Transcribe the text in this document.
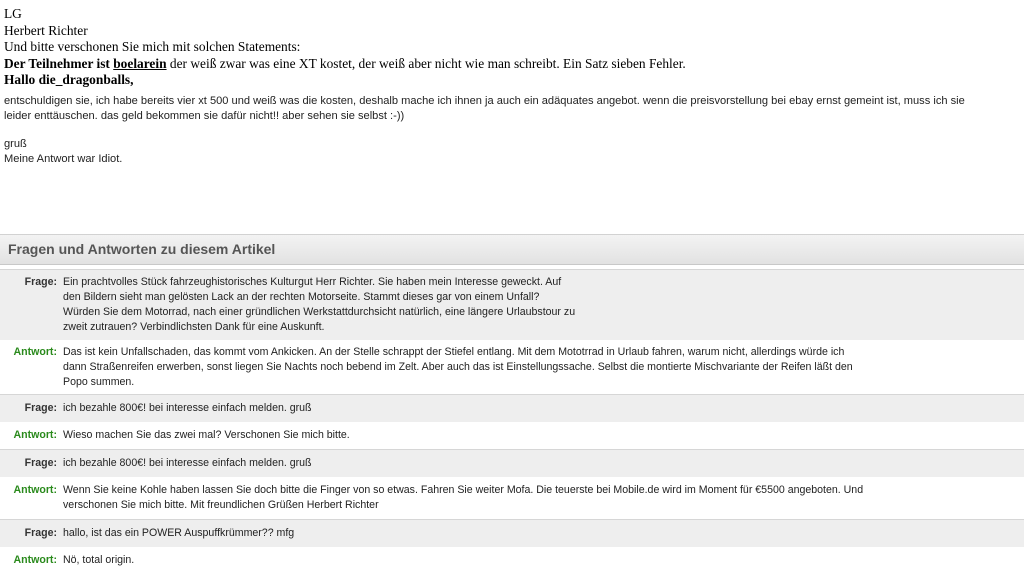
LG
Herbert Richter
Und bitte verschonen Sie mich mit solchen Statements:
Der Teilnehmer ist boelarein der weiß zwar was eine XT kostet, der weiß aber nicht wie man schreibt. Ein Satz sieben Fehler.
Hallo die_dragonballs,

entschuldigen sie, ich habe bereits vier xt 500 und weiß was die kosten, deshalb mache ich ihnen ja auch ein adäquates angebot. wenn die preisvorstellung bei ebay ernst gemeint ist, muss ich sie

leider enttäuschen. das geld bekommen sie dafür nicht!! aber sehen sie selbst :-))

gruß

Meine Antwort war Idiot.

Fragen und Antworten zu diesem Artikel
Frage: Ein prachtvolles Stück fahrzeughistorisches Kulturgut Herr Richter. Sie haben mein Interesse geweckt. Auf
den Bildern sieht man gelösten Lack an der rechten Motorseite. Stammt dieses gar von einem Unfall?
Würden Sie dem Motorrad, nach einer gründlichen Werkstattdurchsicht natürlich, eine längere Urlaubstour zu
zweit zutrauen? Verbindlichsten Dank für eine Auskunft.
Antwort: Das ist kein Unfallschaden, das kommt vom Ankicken. An der Stelle schrappt der Stiefel entlang. Mit dem Mototrrad in Urlaub fahren, warum nicht, allerdings würde ich
dann Straßenreifen erwerben, sonst liegen Sie Nachts noch bebend im Zelt. Aber auch das ist Einstellungssache. Selbst die montierte Mischvariante der Reifen läßt den
Popo summen.
Frage: ich bezahle 800€! bei interesse einfach melden. gruß
Antwort: Wieso machen Sie das zwei mal? Verschonen Sie mich bitte.
Frage: ich bezahle 800€! bei interesse einfach melden. gruß
Antwort: Wenn Sie keine Kohle haben lassen Sie doch bitte die Finger von so etwas. Fahren Sie weiter Mofa. Die teuerste bei Mobile.de wird im Moment für €5500 angeboten. Und
verschonen Sie mich bitte. Mit freundlichen Grüßen Herbert Richter
Frage: hallo, ist das ein POWER Auspuffkrümmer?? mfg
Antwort: Nö, total origin.
